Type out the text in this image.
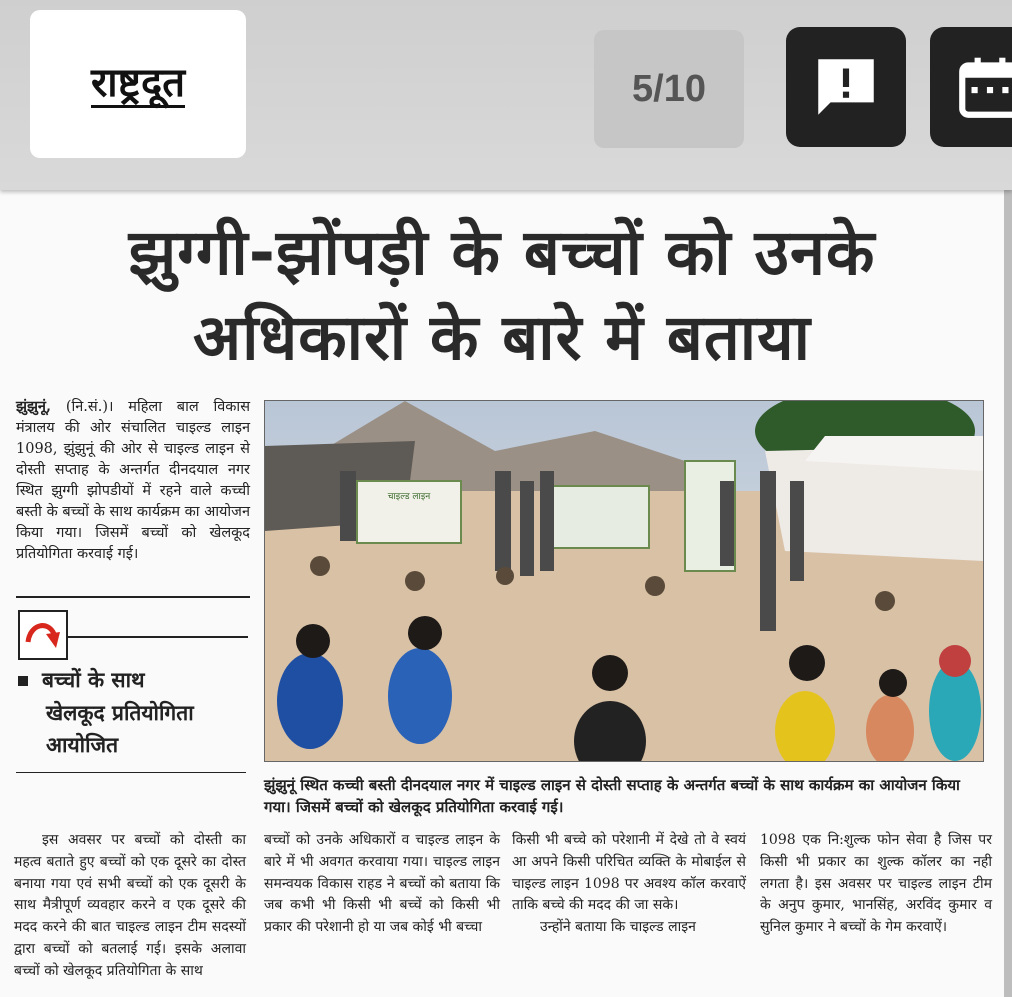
राष्ट्रदूत	5/10
झुग्गी-झोंपड़ी के बच्चों को उनके
अधिकारों के बारे में बताया
झुंझुनूं, (नि.सं.)। महिला बाल विकास मंत्रालय की ओर संचालित चाइल्ड लाइन 1098, झुंझुनूं की ओर से चाइल्ड लाइन से दोस्ती सप्ताह के अन्तर्गत दीनदयाल नगर स्थित झुग्गी झोपडीयों में रहने वाले कच्ची बस्ती के बच्चों के साथ कार्यक्रम का आयोजन किया गया। जिसमें बच्चों को खेलकूद प्रतियोगिता करवाई गई।
बच्चों के साथ
खेलकूद प्रतियोगिता
आयोजित
चाइल्ड लाइन
झुंझुनूं स्थित कच्ची बस्ती दीनदयाल नगर में चाइल्ड लाइन से दोस्ती सप्ताह के अन्तर्गत बच्चों के साथ कार्यक्रम का आयोजन किया गया। जिसमें बच्चों को खेलकूद प्रतियोगिता करवाई गई।
इस अवसर पर बच्चों को दोस्ती का महत्व बताते हुए बच्चों को एक दूसरे का दोस्त बनाया गया एवं सभी बच्चों को एक दूसरी के साथ मैत्रीपूर्ण व्यवहार करने व एक दूसरे की मदद करने की बात चाइल्ड लाइन टीम सदस्यों द्वारा बच्चों को बतलाई गई। इसके अलावा बच्चों को खेलकूद प्रतियोगिता के साथ
बच्चों को उनके अधिकारों व चाइल्ड लाइन के बारे में भी अवगत करवाया गया। चाइल्ड लाइन समन्वयक विकास राहड ने बच्चों को बताया कि जब कभी भी किसी भी बच्चें को किसी भी प्रकार की परेशानी हो या जब कोई भी बच्चा
किसी भी बच्चे को परेशानी में देखे तो वे स्वयं आ अपने किसी परिचित व्यक्ति के मोबाईल से चाइल्ड लाइन 1098 पर अवश्य कॉल करवाऐं ताकि बच्चे की मदद की जा सके।
उन्होंने बताया कि चाइल्ड लाइन
1098 एक नि:शुल्क फोन सेवा है जिस पर किसी भी प्रकार का शुल्क कॉलर का नही लगता है। इस अवसर पर चाइल्ड लाइन टीम के अनुप कुमार, भानसिंह, अरविंद कुमार व सुनिल कुमार ने बच्चों के गेम करवाऐं।
